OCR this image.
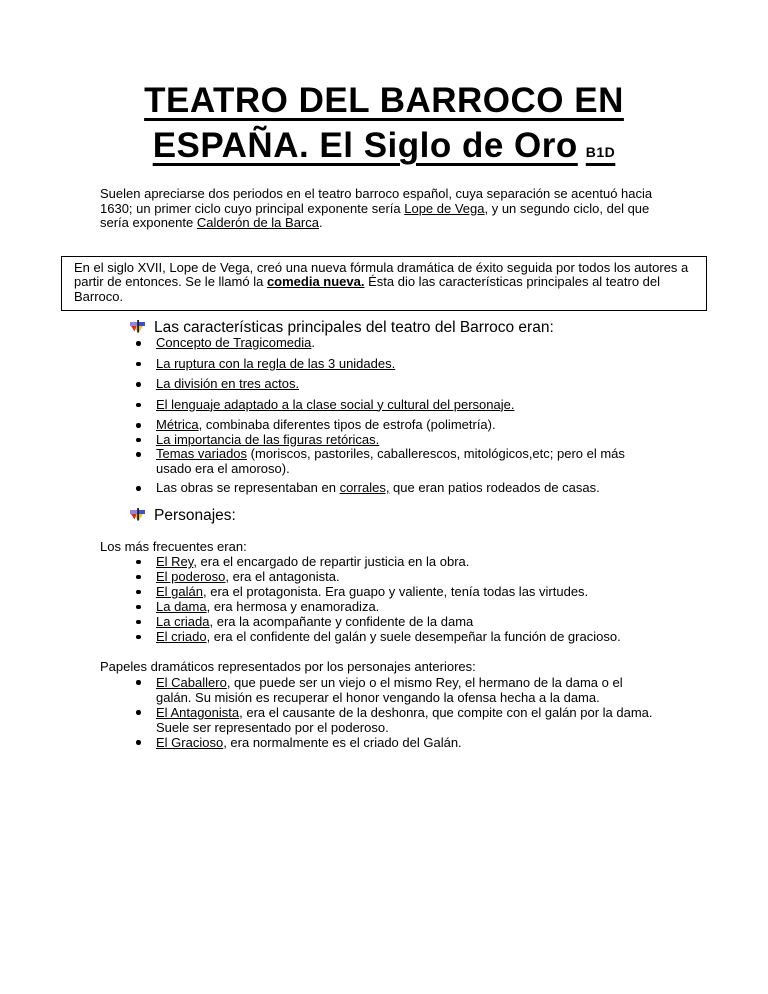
TEATRO DEL BARROCO EN
ESPAÑA. El Siglo de Oro B1D

Suelen apreciarse dos periodos en el teatro barroco español, cuya separación se acentuó hacia 1630; un primer ciclo cuyo principal exponente sería Lope de Vega, y un segundo ciclo, del que sería exponente Calderón de la Barca.

En el siglo XVII, Lope de Vega, creó una nueva fórmula dramática de éxito seguida por todos los autores a partir de entonces. Se le llamó la comedia nueva. Ésta dio las características principales al teatro del Barroco.
Las características principales del teatro del Barroco eran:
Concepto de Tragicomedia.
La ruptura con la regla de las 3 unidades.
La división en tres actos.
El lenguaje adaptado a la clase social y cultural del personaje.
Métrica, combinaba diferentes tipos de estrofa (polimetría).
La importancia de las figuras retóricas.
Temas variados (moriscos, pastoriles, caballerescos, mitológicos,etc; pero el más usado era el amoroso).
Las obras se representaban en corrales, que eran patios rodeados de casas.
Personajes:

Los más frecuentes eran:

El Rey, era el encargado de repartir justicia en la obra.
El poderoso, era el antagonista.
El galán, era el protagonista. Era guapo y valiente, tenía todas las virtudes.
La dama, era hermosa y enamoradiza.
La criada, era la acompañante y confidente de la dama
El criado, era el confidente del galán y suele desempeñar la función de gracioso.

Papeles dramáticos representados por los personajes anteriores:

El Caballero, que puede ser un viejo o el mismo Rey, el hermano de la dama o el galán. Su misión es recuperar el honor vengando la ofensa hecha a la dama.
El Antagonista, era el causante de la deshonra, que compite con el galán por la dama. Suele ser representado por el poderoso.
El Gracioso, era normalmente es el criado del Galán.
